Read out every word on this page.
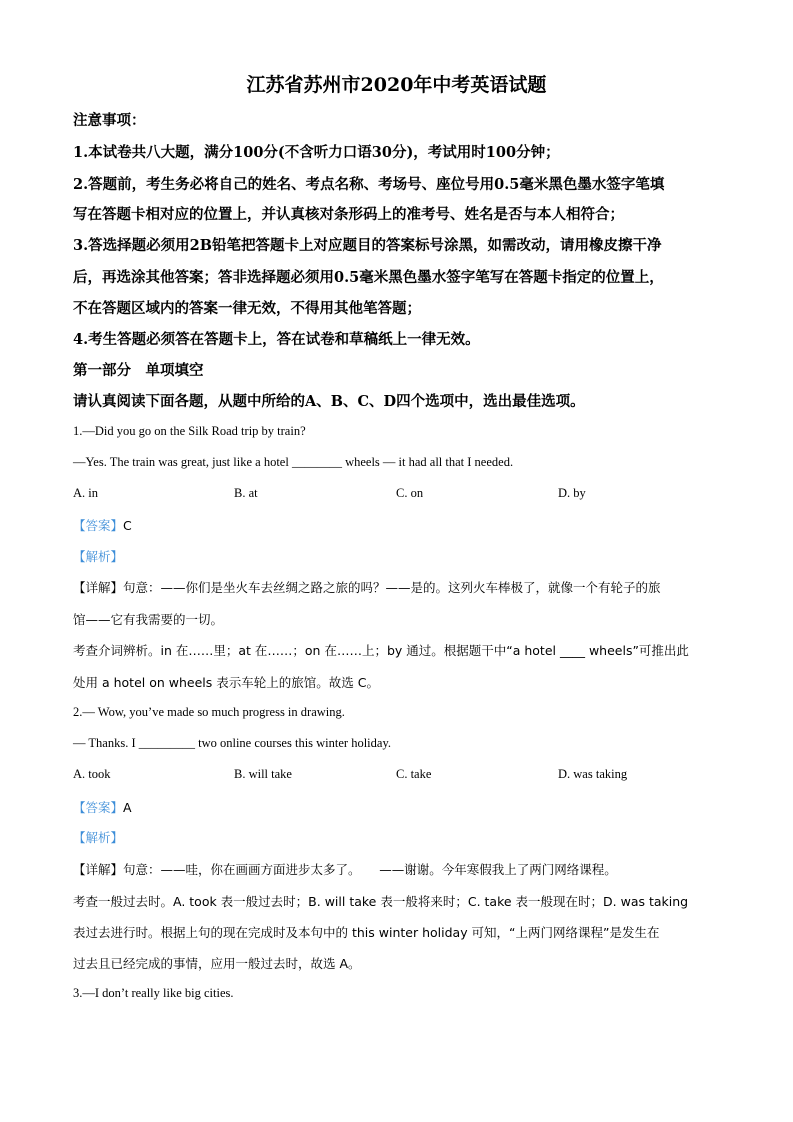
江苏省苏州市2020年中考英语试题
注意事项：
1.本试卷共八大题，满分100分(不含听力口语30分)，考试用时100分钟；
2.答题前，考生务必将自己的姓名、考点名称、考场号、座位号用0.5毫米黑色墨水签字笔填
写在答题卡相对应的位置上，并认真核对条形码上的准考号、姓名是否与本人相符合；
3.答选择题必须用2B铅笔把答题卡上对应题目的答案标号涂黑，如需改动，请用橡皮擦干净
后，再选涂其他答案；答非选择题必须用0.5毫米黑色墨水签字笔写在答题卡指定的位置上，
不在答题区域内的答案一律无效，不得用其他笔答题；
4.考生答题必须答在答题卡上，答在试卷和草稿纸上一律无效。
第一部分　单项填空
请认真阅读下面各题，从题中所给的A、B、C、D四个选项中，选出最佳选项。
1.—Did you go on the Silk Road trip by train?
—Yes. The train was great, just like a hotel ________ wheels — it had all that I needed.
A. in	B. at	C. on	D. by
【答案】C
【解析】
【详解】句意：——你们是坐火车去丝绸之路之旅的吗？——是的。这列火车棒极了，就像一个有轮子的旅
馆——它有我需要的一切。
考查介词辨析。in 在……里；at 在……；on 在……上；by 通过。根据题干中“a hotel ____ wheels”可推出此
处用 a hotel on wheels 表示车轮上的旅馆。故选 C。
2.— Wow, you’ve made so much progress in drawing.
— Thanks. I _________ two online courses this winter holiday.
A. took	B. will take	C. take	D. was taking
【答案】A
【解析】
【详解】句意：——哇，你在画画方面进步太多了。　　——谢谢。今年寒假我上了两门网络课程。
考查一般过去时。A. took 表一般过去时；B. will take 表一般将来时；C. take 表一般现在时；D. was taking
表过去进行时。根据上句的现在完成时及本句中的 this winter holiday 可知，“上两门网络课程”是发生在
过去且已经完成的事情，应用一般过去时，故选 A。
3.—I don’t really like big cities.
